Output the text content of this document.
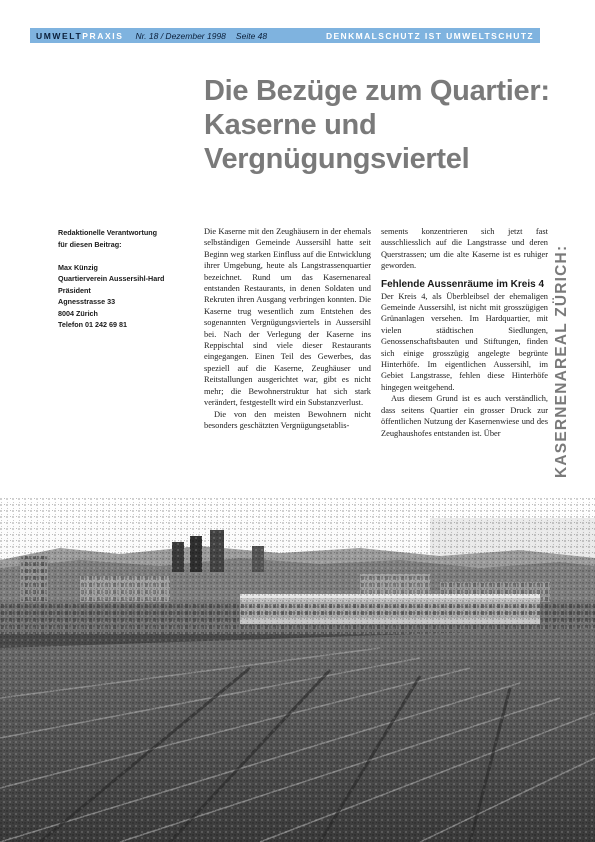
UMWELT PRAXIS Nr. 18 / Dezember 1998 Seite 48	DENKMALSCHUTZ IST UMWELTSCHUTZ
Die Bezüge zum Quartier:
Kaserne und
Vergnügungsviertel
Redaktionelle Verantwortung
für diesen Beitrag:
Max Künzig
Quartierverein Aussersihl-Hard
Präsident
Agnesstrasse 33
8004 Zürich
Telefon 01 242 69 81

Die Kaserne mit den Zeughäusern in der ehemals selbständigen Gemeinde Aussersihl hatte seit Beginn weg starken Einfluss auf die Entwicklung ihrer Umgebung, heute als Langstrassenquartier bezeichnet. Rund um das Kasernenareal entstanden Restaurants, in denen Soldaten und Rekruten ihren Ausgang verbringen konnten. Die Kaserne trug wesentlich zum Entstehen des sogenannten Vergnügungsviertels in Aussersihl bei. Nach der Verlegung der Kaserne ins Reppischtal sind viele dieser Restaurants eingegangen. Einen Teil des Gewerbes, das speziell auf die Kaserne, Zeughäuser und Reitstallungen ausgerichtet war, gibt es nicht mehr; die Bewohnerstruktur hat sich stark verändert, festgestellt wird ein Substanzverlust.

Die von den meisten Bewohnern nicht besonders geschätzten Vergnügungsetablis-

sements konzentrieren sich jetzt fast ausschliesslich auf die Langstrasse und deren Querstrassen; um die alte Kaserne ist es ruhiger geworden.

Fehlende Aussenräume im Kreis 4

Der Kreis 4, als Überbleibsel der ehemaligen Gemeinde Aussersihl, ist nicht mit grosszügigen Grünanlagen versehen. Im Hardquartier, mit vielen städtischen Siedlungen, Genossenschaftsbauten und Stiftungen, finden sich einige grosszügig angelegte begrünte Hinterhöfe. Im eigentlichen Aussersihl, im Gebiet Langstrasse, fehlen diese Hinterhöfe hingegen weitgehend.

Aus diesem Grund ist es auch verständlich, dass seitens Quartier ein grosser Druck zur öffentlichen Nutzung der Kasernenwiese und des Zeughaushofes entstanden ist. Über	KASERNENAREAL ZÜRICH:
